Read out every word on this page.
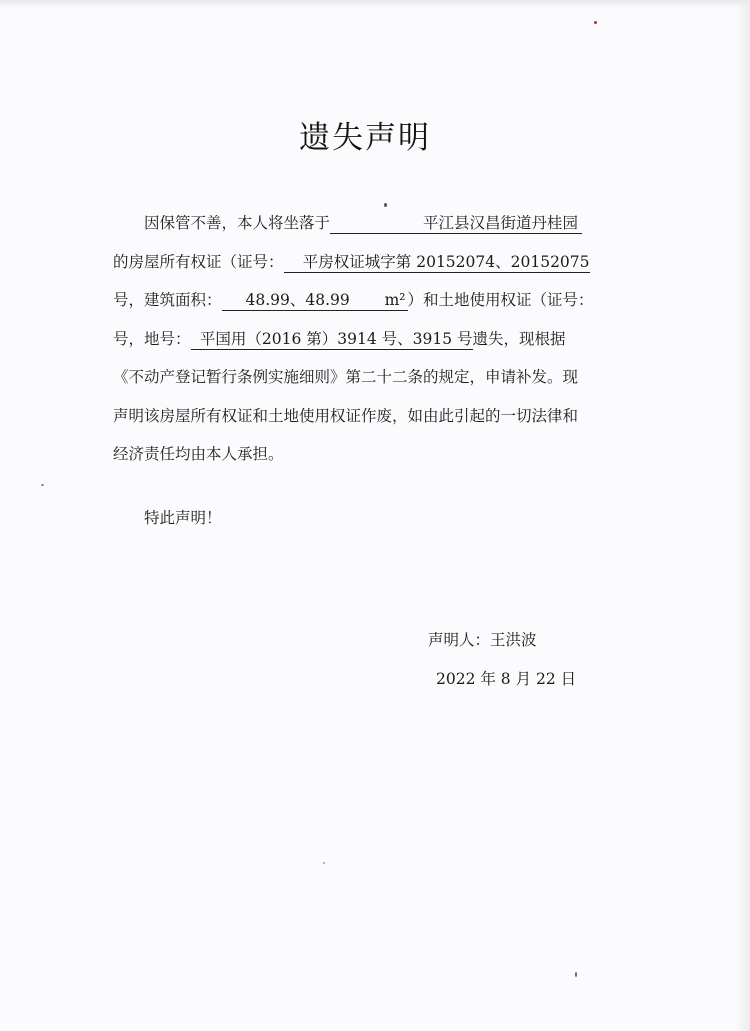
遗失声明
因保管不善，本人将坐落于	平江县汉昌街道丹桂园
的房屋所有权证（证号： 平房权证城字第 20152074、20152075
号，建筑面积： 48.99、48.99 m² ）和土地使用权证（证号：
号，地号： 平国用（2016 第）3914 号、3915 号遗失，现根据
《不动产登记暂行条例实施细则》第二十二条的规定，申请补发。现
声明该房屋所有权证和土地使用权证作废，如由此引起的一切法律和
经济责任均由本人承担。
特此声明！
声明人：王洪波
2022 年 8 月 22 日
